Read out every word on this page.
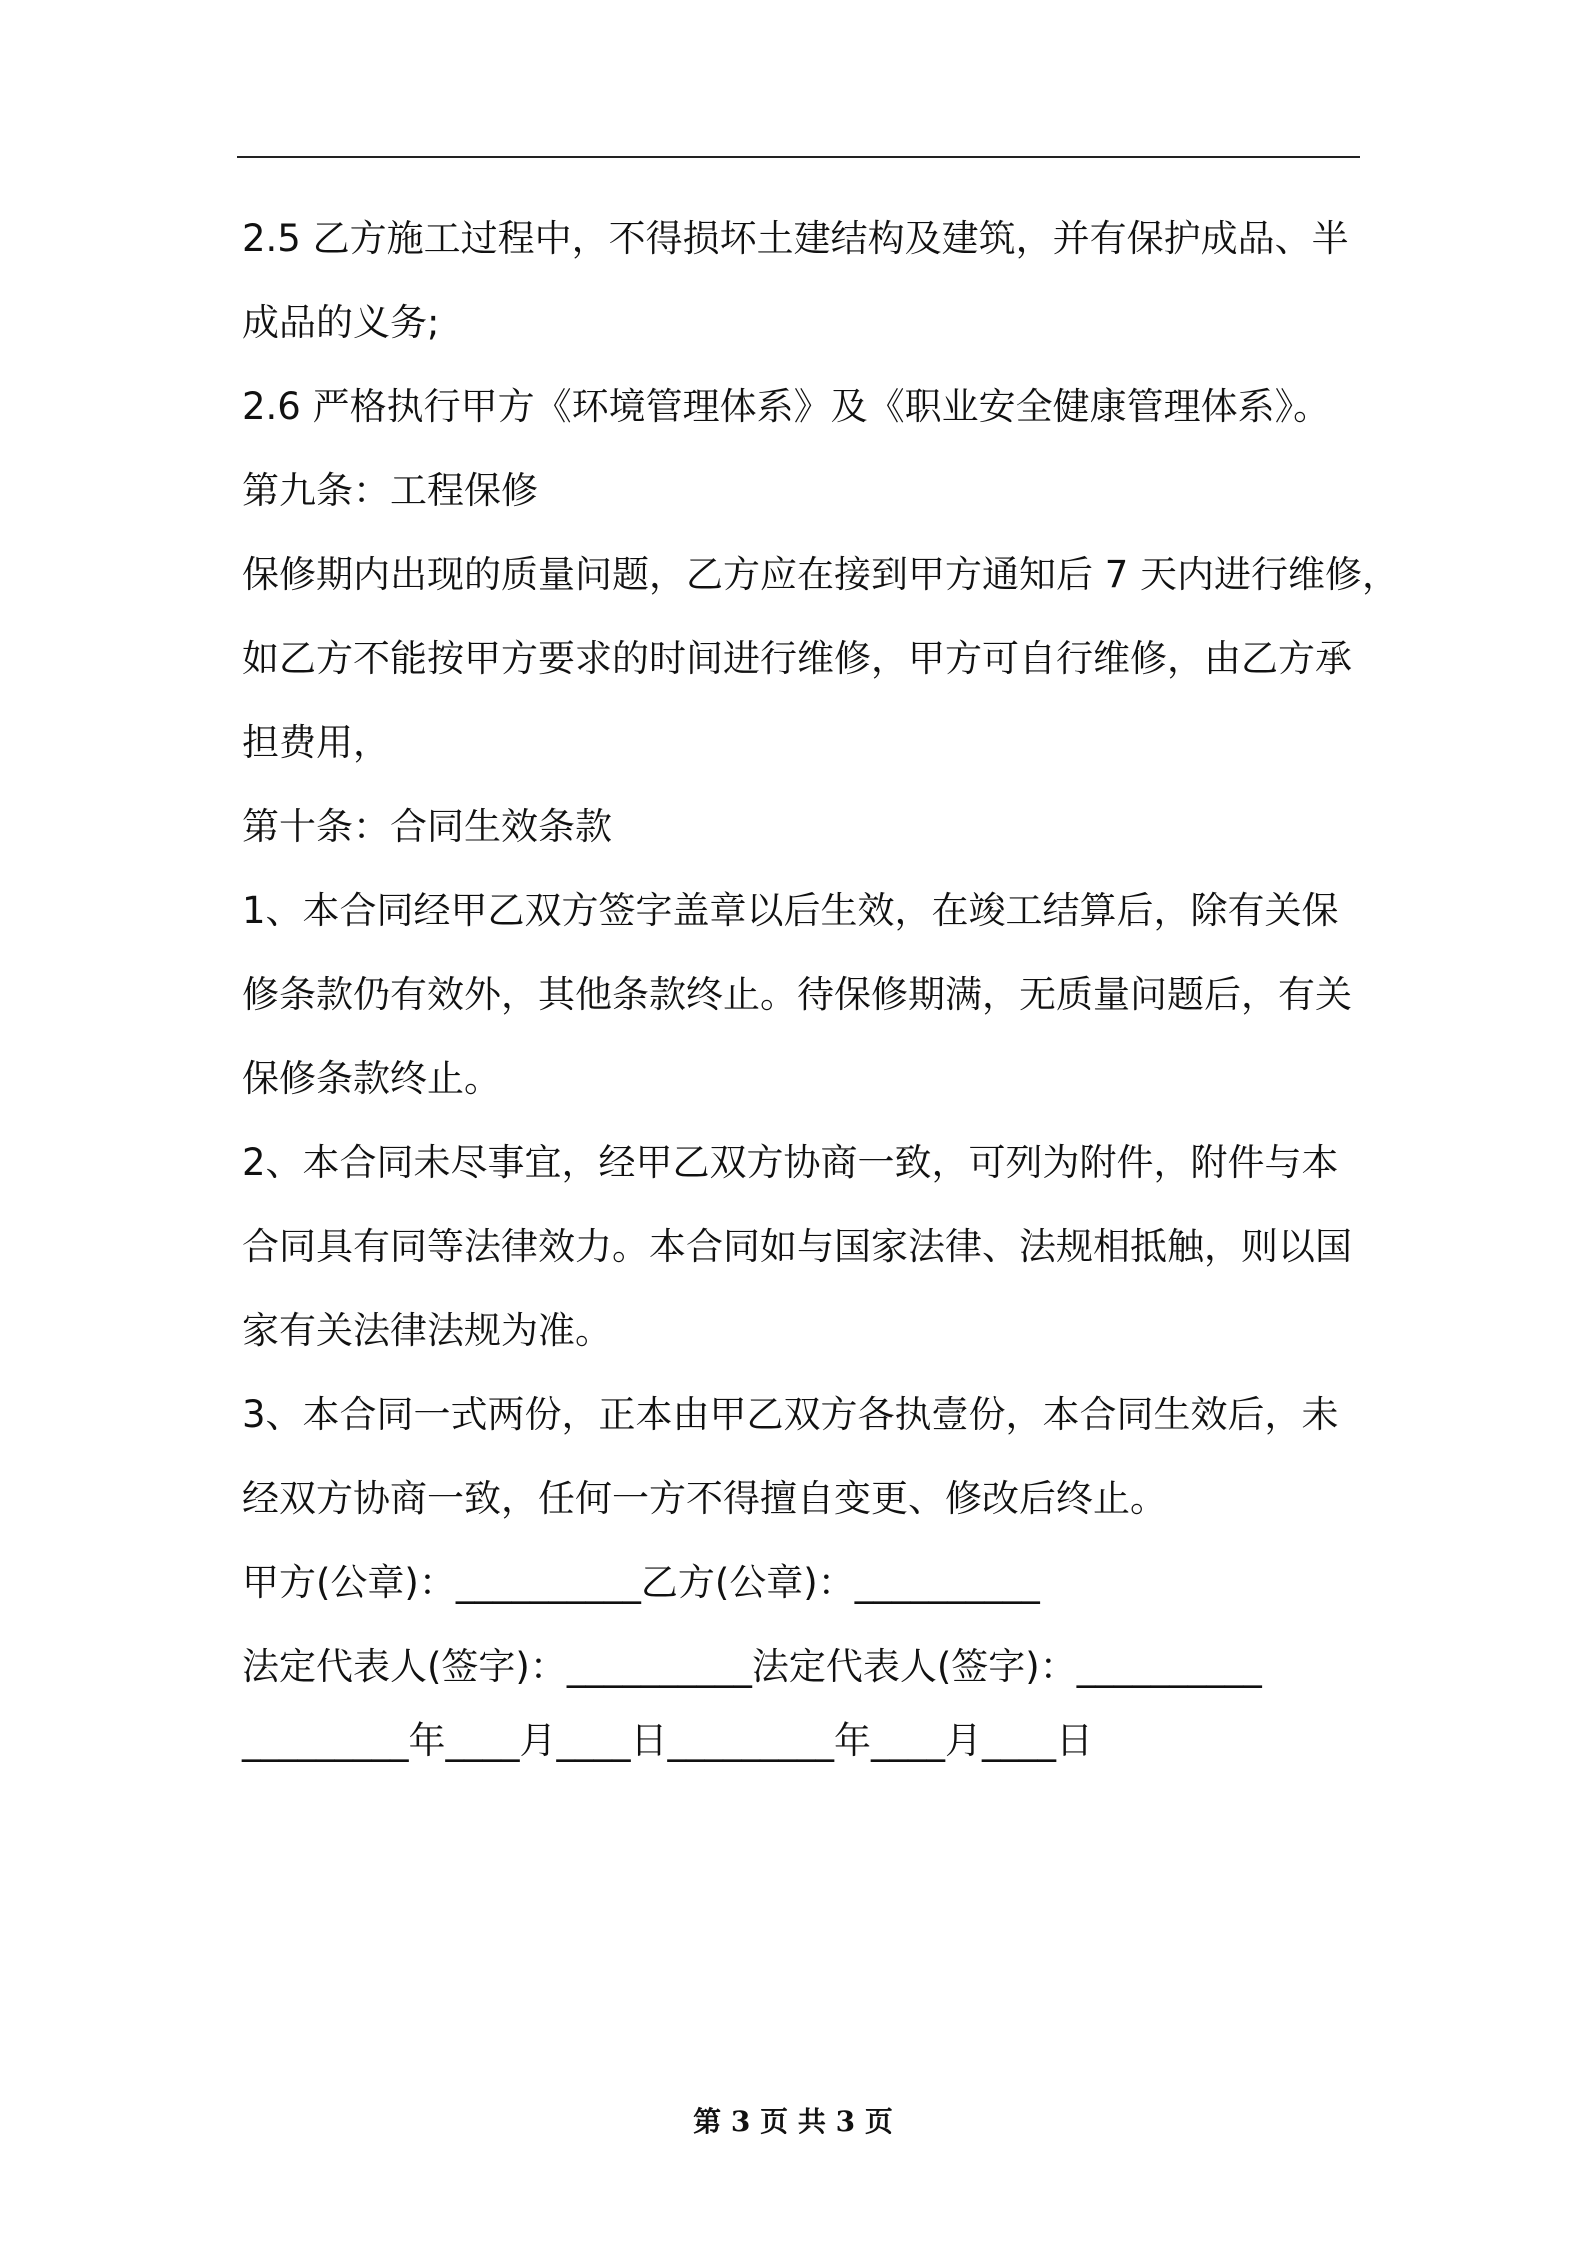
2.5 乙方施工过程中，不得损坏土建结构及建筑，并有保护成品、半
成品的义务;
2.6 严格执行甲方《环境管理体系》及《职业安全健康管理体系》。
第九条：工程保修
保修期内出现的质量问题，乙方应在接到甲方通知后 7 天内进行维修，
如乙方不能按甲方要求的时间进行维修，甲方可自行维修，由乙方承
担费用，
第十条：合同生效条款
1、本合同经甲乙双方签字盖章以后生效，在竣工结算后，除有关保
修条款仍有效外，其他条款终止。待保修期满，无质量问题后，有关
保修条款终止。
2、本合同未尽事宜，经甲乙双方协商一致，可列为附件，附件与本
合同具有同等法律效力。本合同如与国家法律、法规相抵触，则以国
家有关法律法规为准。
3、本合同一式两份，正本由甲乙双方各执壹份，本合同生效后，未
经双方协商一致，任何一方不得擅自变更、修改后终止。
甲方(公章)：__________乙方(公章)：__________
法定代表人(签字)：__________法定代表人(签字)：__________
_________年____月____日_________年____月____日
第 3 页 共 3 页
